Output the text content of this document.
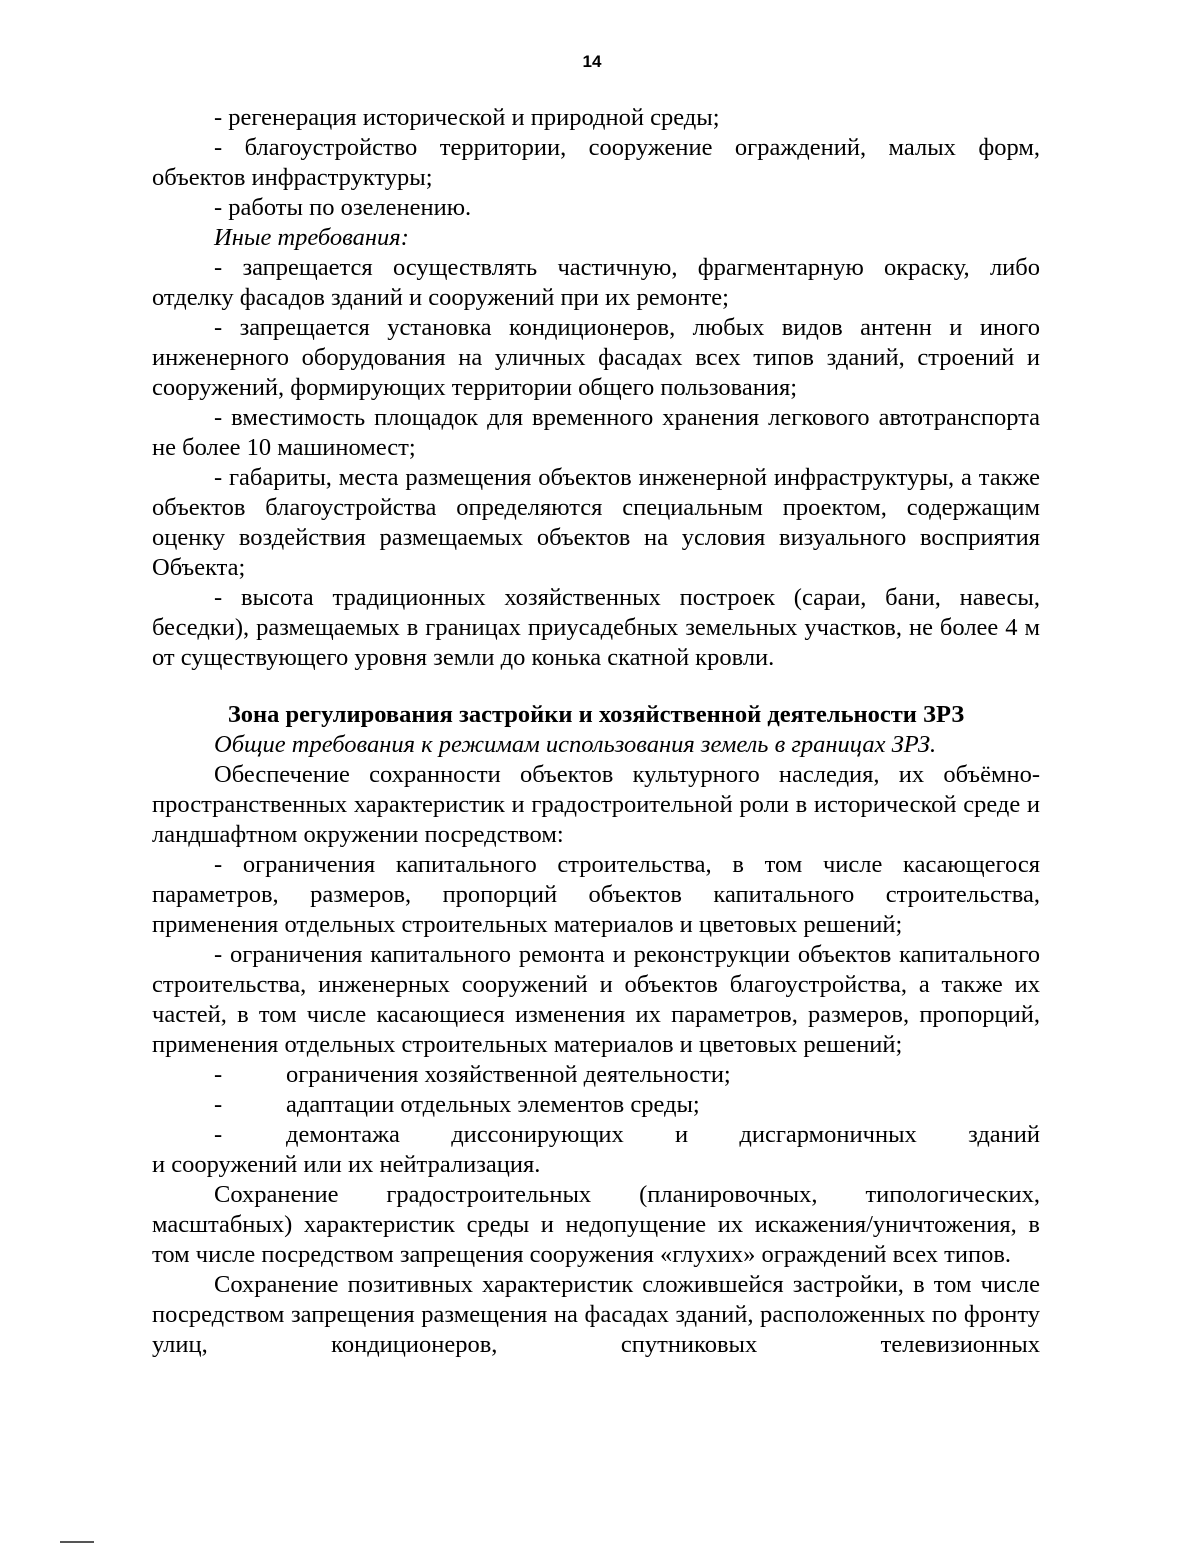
14

- регенерация исторической и природной среды;

- благоустройство территории, сооружение ограждений, малых форм, объектов инфраструктуры;

- работы по озеленению.

Иные требования:

- запрещается осуществлять частичную, фрагментарную окраску, либо отделку фасадов зданий и сооружений при их ремонте;

- запрещается установка кондиционеров, любых видов антенн и иного инженерного оборудования на уличных фасадах всех типов зданий, строений и сооружений, формирующих территории общего пользования;

- вместимость площадок для временного хранения легкового автотранспорта не более 10 машиномест;

- габариты, места размещения объектов инженерной инфраструктуры, а также объектов благоустройства определяются специальным проектом, содержащим оценку воздействия размещаемых объектов на условия визуального восприятия Объекта;

- высота традиционных хозяйственных построек (сараи, бани, навесы, беседки), размещаемых в границах приусадебных земельных участков, не более 4 м от существующего уровня земли до конька скатной кровли.

Зона регулирования застройки и хозяйственной деятельности ЗРЗ

Общие требования к режимам использования земель в границах ЗРЗ.

Обеспечение сохранности объектов культурного наследия, их объёмно-пространственных характеристик и градостроительной роли в исторической среде и ландшафтном окружении посредством:

- ограничения капитального строительства, в том числе касающегося параметров, размеров, пропорций объектов капитального строительства, применения отдельных строительных материалов и цветовых решений;

- ограничения капитального ремонта и реконструкции объектов капитального строительства, инженерных сооружений и объектов благоустройства, а также их частей, в том числе касающиеся изменения их параметров, размеров, пропорций, применения отдельных строительных материалов и цветовых решений;

-	ограничения хозяйственной деятельности;
-	адаптации отдельных элементов среды;
-	демонтажа диссонирующих и дисгармоничных зданий

и сооружений или их нейтрализация.

Сохранение градостроительных (планировочных, типологических, масштабных) характеристик среды и недопущение их искажения/уничтожения, в том числе посредством запрещения сооружения «глухих» ограждений всех типов.

Сохранение позитивных характеристик сложившейся застройки, в том числе посредством запрещения размещения на фасадах зданий, расположенных по фронту улиц, кондиционеров, спутниковых телевизионных
